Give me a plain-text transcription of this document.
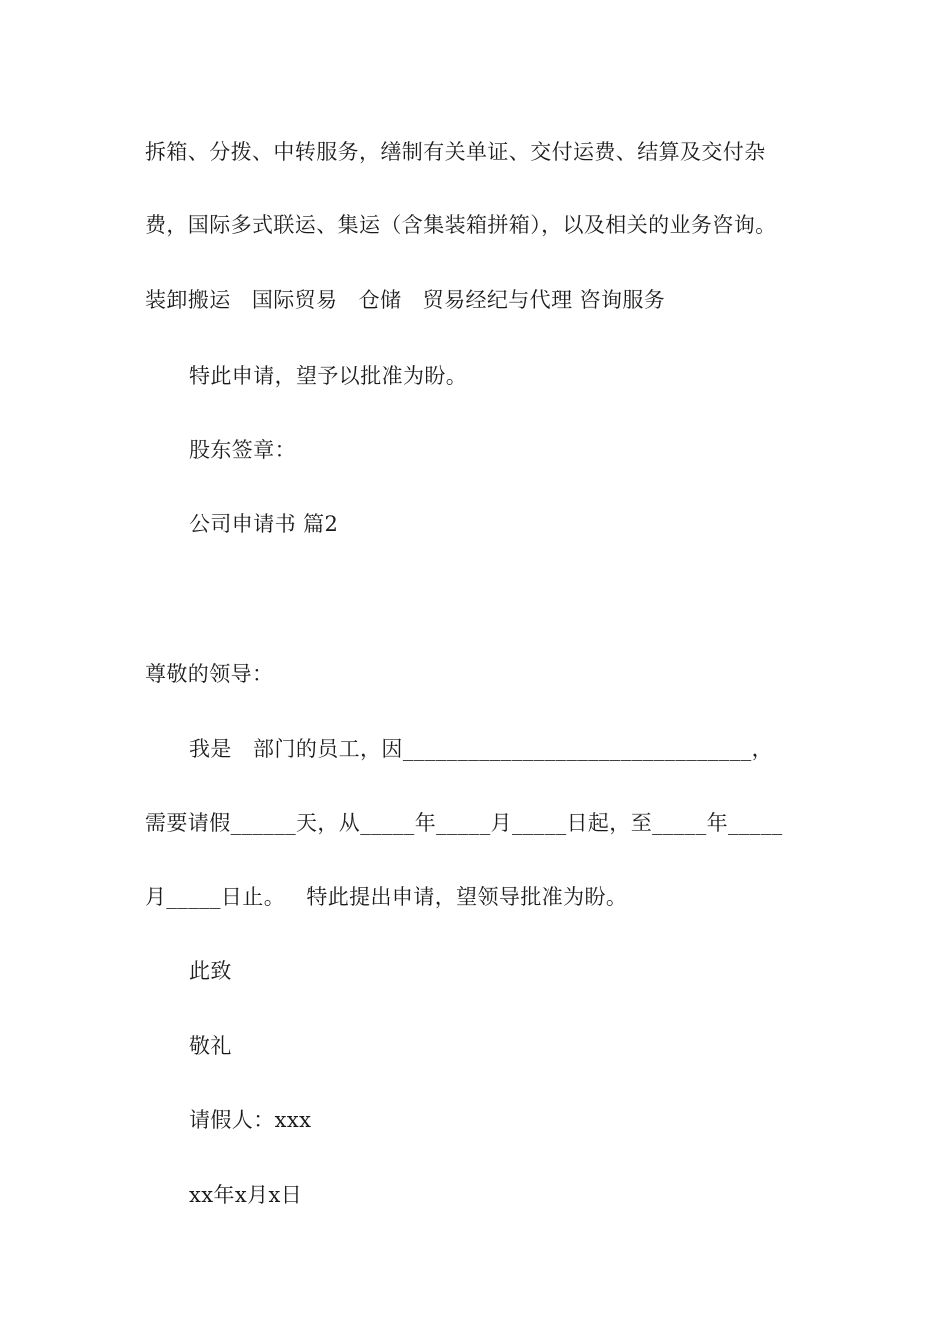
拆箱、分拨、中转服务，缮制有关单证、交付运费、结算及交付杂
费，国际多式联运、集运（含集装箱拼箱），以及相关的业务咨询。
装卸搬运   国际贸易   仓储   贸易经纪与代理 咨询服务
特此申请，望予以批准为盼。
股东签章：
公司申请书 篇2
尊敬的领导：
我是   部门的员工，因________________________________，
需要请假______天，从_____年_____月_____日起，至_____年_____
月_____日止。   特此提出申请，望领导批准为盼。
此致
敬礼
请假人：xxx
xx年x月x日
